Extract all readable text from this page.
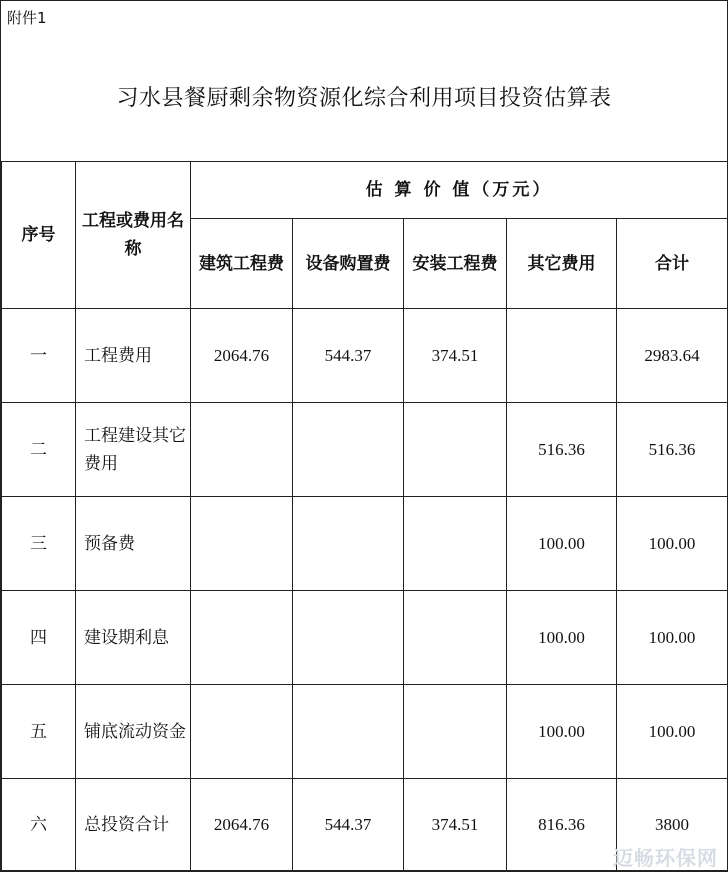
附件1
习水县餐厨剩余物资源化综合利用项目投资估算表
序号	工程或费用名称	估 算 价 值（万元）				
		建筑工程费	设备购置费	安装工程费	其它费用	合计
一	工程费用	2064.76	544.37	374.51		2983.64
二	工程建设其它费用				516.36	516.36
三	预备费				100.00	100.00
四	建设期利息				100.00	100.00
五	铺底流动资金				100.00	100.00
六	总投资合计	2064.76	544.37	374.51	816.36	3800
迈畅环保网
